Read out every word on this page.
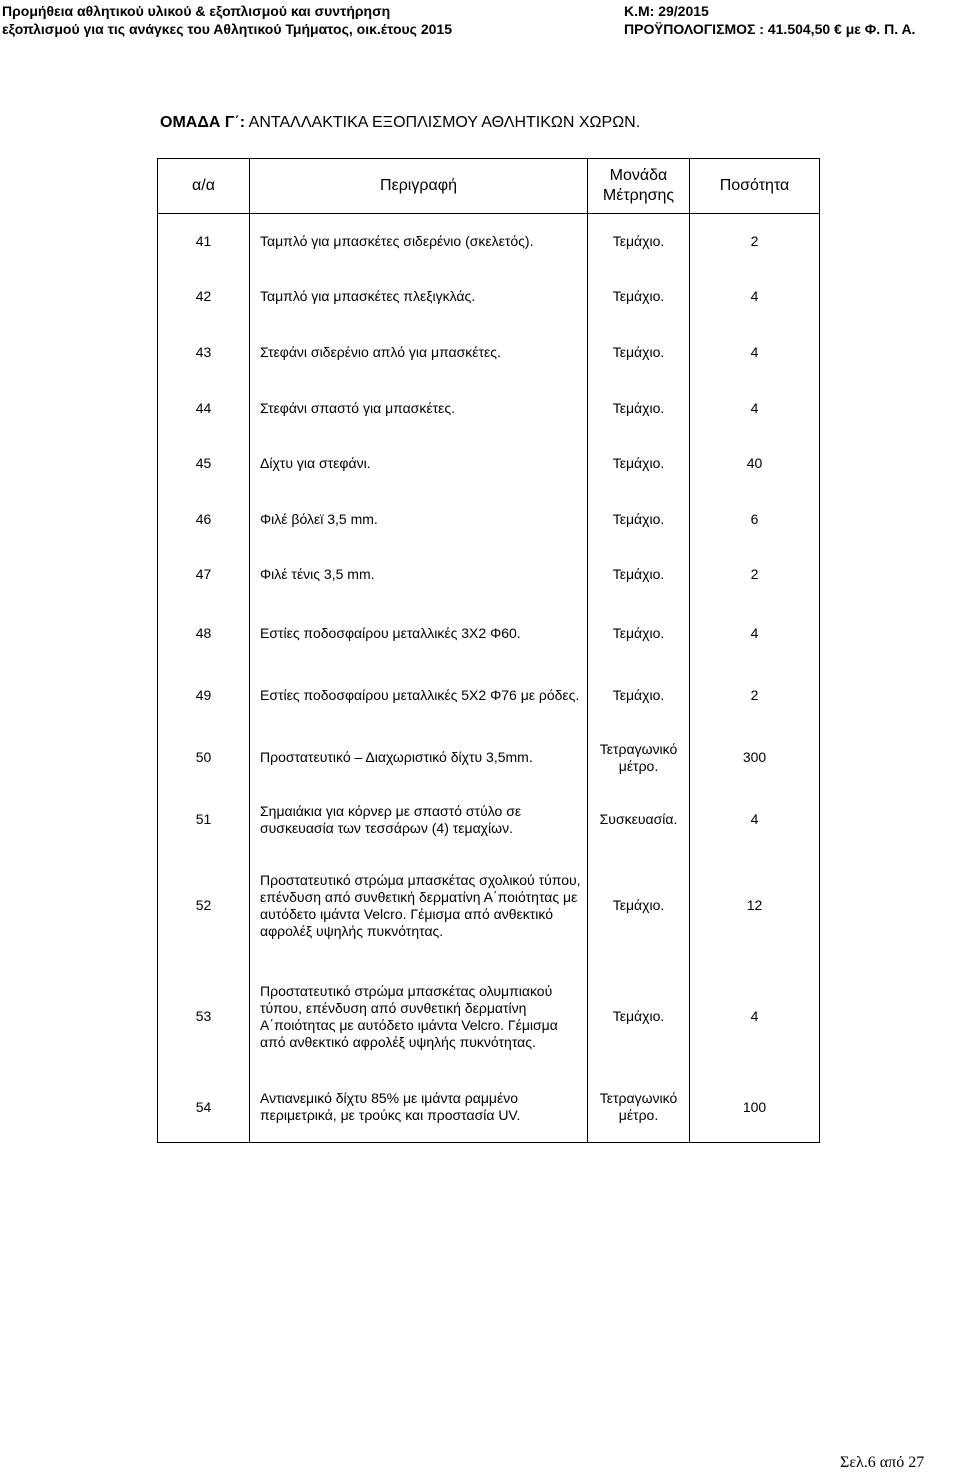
Προμήθεια αθλητικού υλικού & εξοπλισμού και συντήρηση
εξοπλισμού για τις ανάγκες του Αθλητικού Τμήματος, οικ.έτους 2015
Κ.Μ: 29/2015
ΠΡΟΫΠΟΛΟΓΙΣΜΟΣ : 41.504,50 € με Φ. Π. Α.
ΟΜΑΔΑ Γ΄: ΑΝΤΑΛΛΑΚΤΙΚΑ ΕΞΟΠΛΙΣΜΟΥ ΑΘΛΗΤΙΚΩΝ ΧΩΡΩΝ.
α/α	Περιγραφή	Μονάδα Μέτρησης	Ποσότητα
41	Ταμπλό για μπασκέτες σιδερένιο (σκελετός).	Τεμάχιο.	2
42	Ταμπλό για μπασκέτες πλεξιγκλάς.	Τεμάχιο.	4
43	Στεφάνι σιδερένιο απλό για μπασκέτες.	Τεμάχιο.	4
44	Στεφάνι σπαστό για μπασκέτες.	Τεμάχιο.	4
45	Δίχτυ για στεφάνι.	Τεμάχιο.	40
46	Φιλέ βόλεϊ 3,5 mm.	Τεμάχιο.	6
47	Φιλέ τένις 3,5 mm.	Τεμάχιο.	2
48	Εστίες ποδοσφαίρου μεταλλικές 3Χ2 Φ60.	Τεμάχιο.	4
49	Εστίες ποδοσφαίρου μεταλλικές 5Χ2 Φ76 με ρόδες.	Τεμάχιο.	2
50	Προστατευτικό – Διαχωριστικό δίχτυ 3,5mm.	Τετραγωνικό μέτρο.	300
51	Σημαιάκια για κόρνερ με σπαστό στύλο σε συσκευασία των τεσσάρων (4) τεμαχίων.	Συσκευασία.	4
52	Προστατευτικό στρώμα μπασκέτας σχολικού τύπου, επένδυση από συνθετική δερματίνη Α΄ποιότητας με αυτόδετο ιμάντα Velcro. Γέμισμα από ανθεκτικό αφρολέξ υψηλής πυκνότητας.	Τεμάχιο.	12
53	Προστατευτικό στρώμα μπασκέτας ολυμπιακού τύπου, επένδυση από συνθετική δερματίνη Α΄ποιότητας με αυτόδετο ιμάντα Velcro. Γέμισμα από ανθεκτικό αφρολέξ υψηλής πυκνότητας.	Τεμάχιο.	4
54	Αντιανεμικό δίχτυ 85% με ιμάντα ραμμένο περιμετρικά, με τρούκς και προστασία UV.	Τετραγωνικό μέτρο.	100
Σελ.6 από 27
